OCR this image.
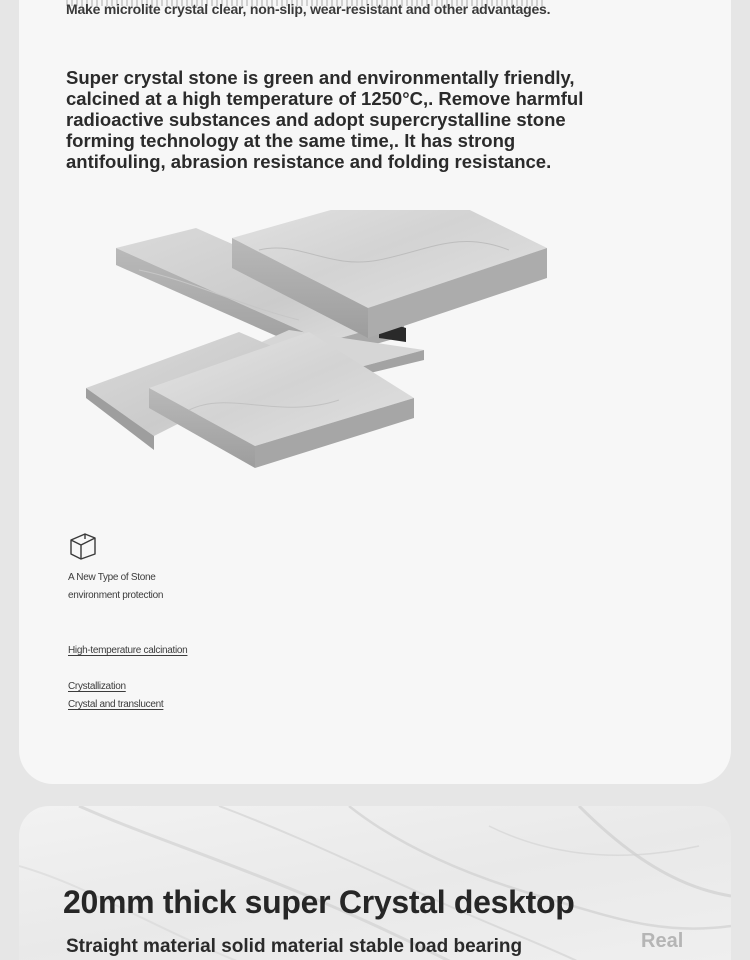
Make microlite crystal clear, non-slip, wear-resistant and other advantages.
Super crystal stone is green and environmentally friendly, calcined at a high temperature of 1250°C,. Remove harmful radioactive substances and adopt supercrystalline stone forming technology at the same time,. It has strong antifouling, abrasion resistance and folding resistance.
A New Type of Stone
environment protection
High-temperature calcination
Crystallization
Crystal and translucent
20mm thick super Crystal desktop
Straight material solid material stable load bearing	Real
